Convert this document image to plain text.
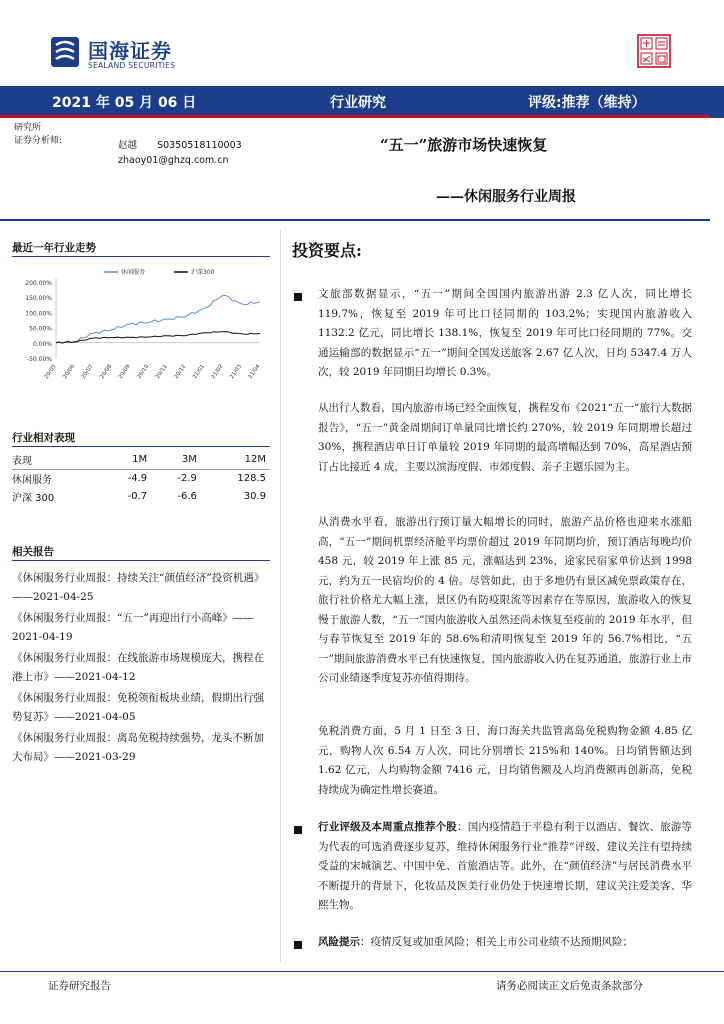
国海证券
SEALAND SECURITIES
2021 年 05 月 06 日	行业研究	评级:推荐（维持）
研究所
证券分析师:	赵越 S0350518110003
zhaoy01@ghzq.com.cn
“五一”旅游市场快速恢复
——休闲服务行业周报
最近一年行业走势
200.00%
150.00%
100.00%
50.00%
0.00%
-50.00%
20/05 20/06 20/07 20/08 20/09 20/10 20/11 20/12 21/01 21/02 21/03 21/04
休闲服务	沪深300
行业相对表现
表现	1M	3M	12M
休闲服务	-4.9	-2.9	128.5
沪深 300	-0.7	-6.6	30.9
相关报告
《休闲服务行业周报：持续关注“颜值经济”投资机遇》——2021-04-25
《休闲服务行业周报：“五一”再迎出行小高峰》——2021-04-19
《休闲服务行业周报：在线旅游市场规模庞大，携程在港上市》——2021-04-12
《休闲服务行业周报：免税领衔板块业绩，假期出行强势复苏》——2021-04-05
《休闲服务行业周报：离岛免税持续强势，龙头不断加大布局》——2021-03-29
投资要点:
文旅部数据显示，“五一”期间全国国内旅游出游 2.3 亿人次，同比增长 119.7%，恢复至 2019 年可比口径同期的 103.2%；实现国内旅游收入 1132.2 亿元，同比增长 138.1%，恢复至 2019 年可比口径同期的 77%。交通运输部的数据显示“五一”期间全国发送旅客 2.67 亿人次，日均 5347.4 万人次，较 2019 年同期日均增长 0.3%。
从出行人数看，国内旅游市场已经全面恢复，携程发布《2021“五一”旅行大数据报告》，“五一”黄金周期间订单量同比增长约 270%，较 2019 年同期增长超过 30%，携程酒店单日订单量较 2019 年同期的最高增幅达到 70%，高星酒店预订占比接近 4 成，主要以滨海度假、市郊度假、亲子主题乐园为主。
从消费水平看，旅游出行预订量大幅增长的同时，旅游产品价格也迎来水涨船高，“五一”期间机票经济舱平均票价超过 2019 年同期均价，预订酒店每晚均价 458 元，较 2019 年上涨 85 元，涨幅达到 23%，途家民宿家单价达到 1998 元，约为五一民宿均价的 4 倍。尽管如此，由于多地仍有景区减免票政策存在，旅行社价格尤大幅上涨，景区仍有防疫限流等因素存在等原因，旅游收入的恢复慢于旅游人数，“五一”国内旅游收入虽然还尚未恢复至疫前的 2019 年水平，但与春节恢复至 2019 年的 58.6%和清明恢复至 2019 年的 56.7%相比，“五一”期间旅游消费水平已有快速恢复，国内旅游收入仍在复苏通道，旅游行业上市公司业绩逐季度复苏亦值得期待。
免税消费方面，5 月 1 日至 3 日，海口海关共监管离岛免税购物金额 4.85 亿元，购物人次 6.54 万人次，同比分别增长 215%和 140%。日均销售额达到 1.62 亿元，人均购物金额 7416 元，日均销售额及人均消费额再创新高，免税持续成为确定性增长赛道。
行业评级及本周重点推荐个股：国内疫情趋于平稳有利于以酒店、餐饮、旅游等为代表的可选消费逐步复苏，维持休闲服务行业“推荐”评级，建议关注有望持续受益的宋城演艺、中国中免、首旅酒店等。此外，在“颜值经济”与居民消费水平不断提升的背景下，化妆品及医美行业仍处于快速增长期，建议关注爱美客、华熙生物。
风险提示：疫情反复或加重风险；相关上市公司业绩不达预期风险；
证券研究报告	请务必阅读正文后免责条款部分
